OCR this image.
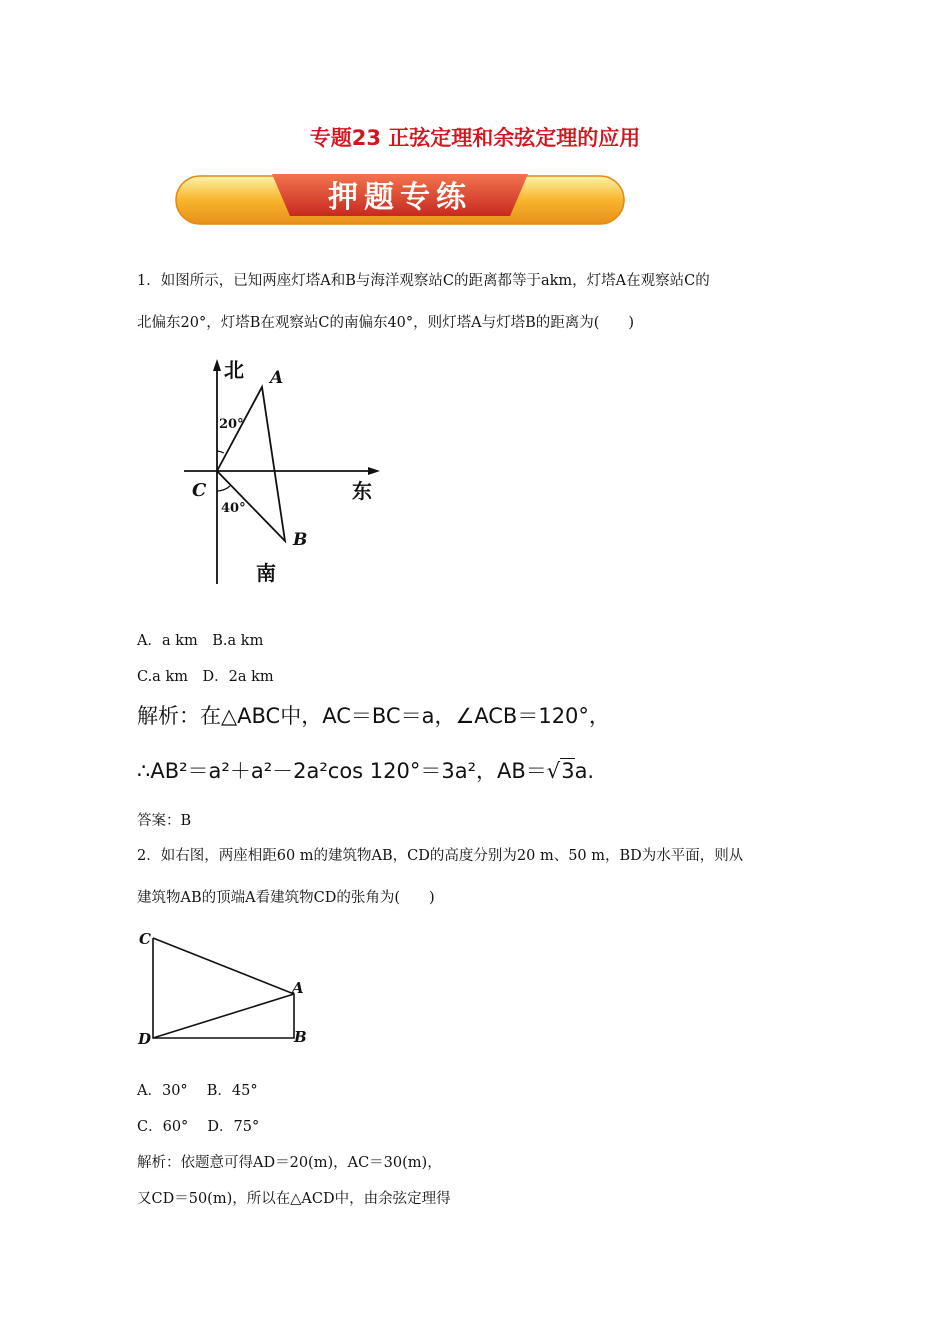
专题23 正弦定理和余弦定理的应用
押题专练
1．如图所示，已知两座灯塔A和B与海洋观察站C的距离都等于akm，灯塔A在观察站C的
北偏东20°，灯塔B在观察站C的南偏东40°，则灯塔A与灯塔B的距离为(　　)
北 A
20°
C	东
40°
B
南
A．a km　B.a km
C.a km　D．2a km
解析：在△ABC中，AC＝BC＝a，∠ACB＝120°，
∴AB²＝a²＋a²－2a²cos 120°＝3a²，AB＝√3a.
答案：B
2．如右图，两座相距60 m的建筑物AB，CD的高度分别为20 m、50 m，BD为水平面，则从
建筑物AB的顶端A看建筑物CD的张角为(　　)
C
A
D	B
A．30°　 B．45°
C．60°　 D．75°
解析：依题意可得AD＝20(m)，AC＝30(m)，
又CD＝50(m)，所以在△ACD中，由余弦定理得
